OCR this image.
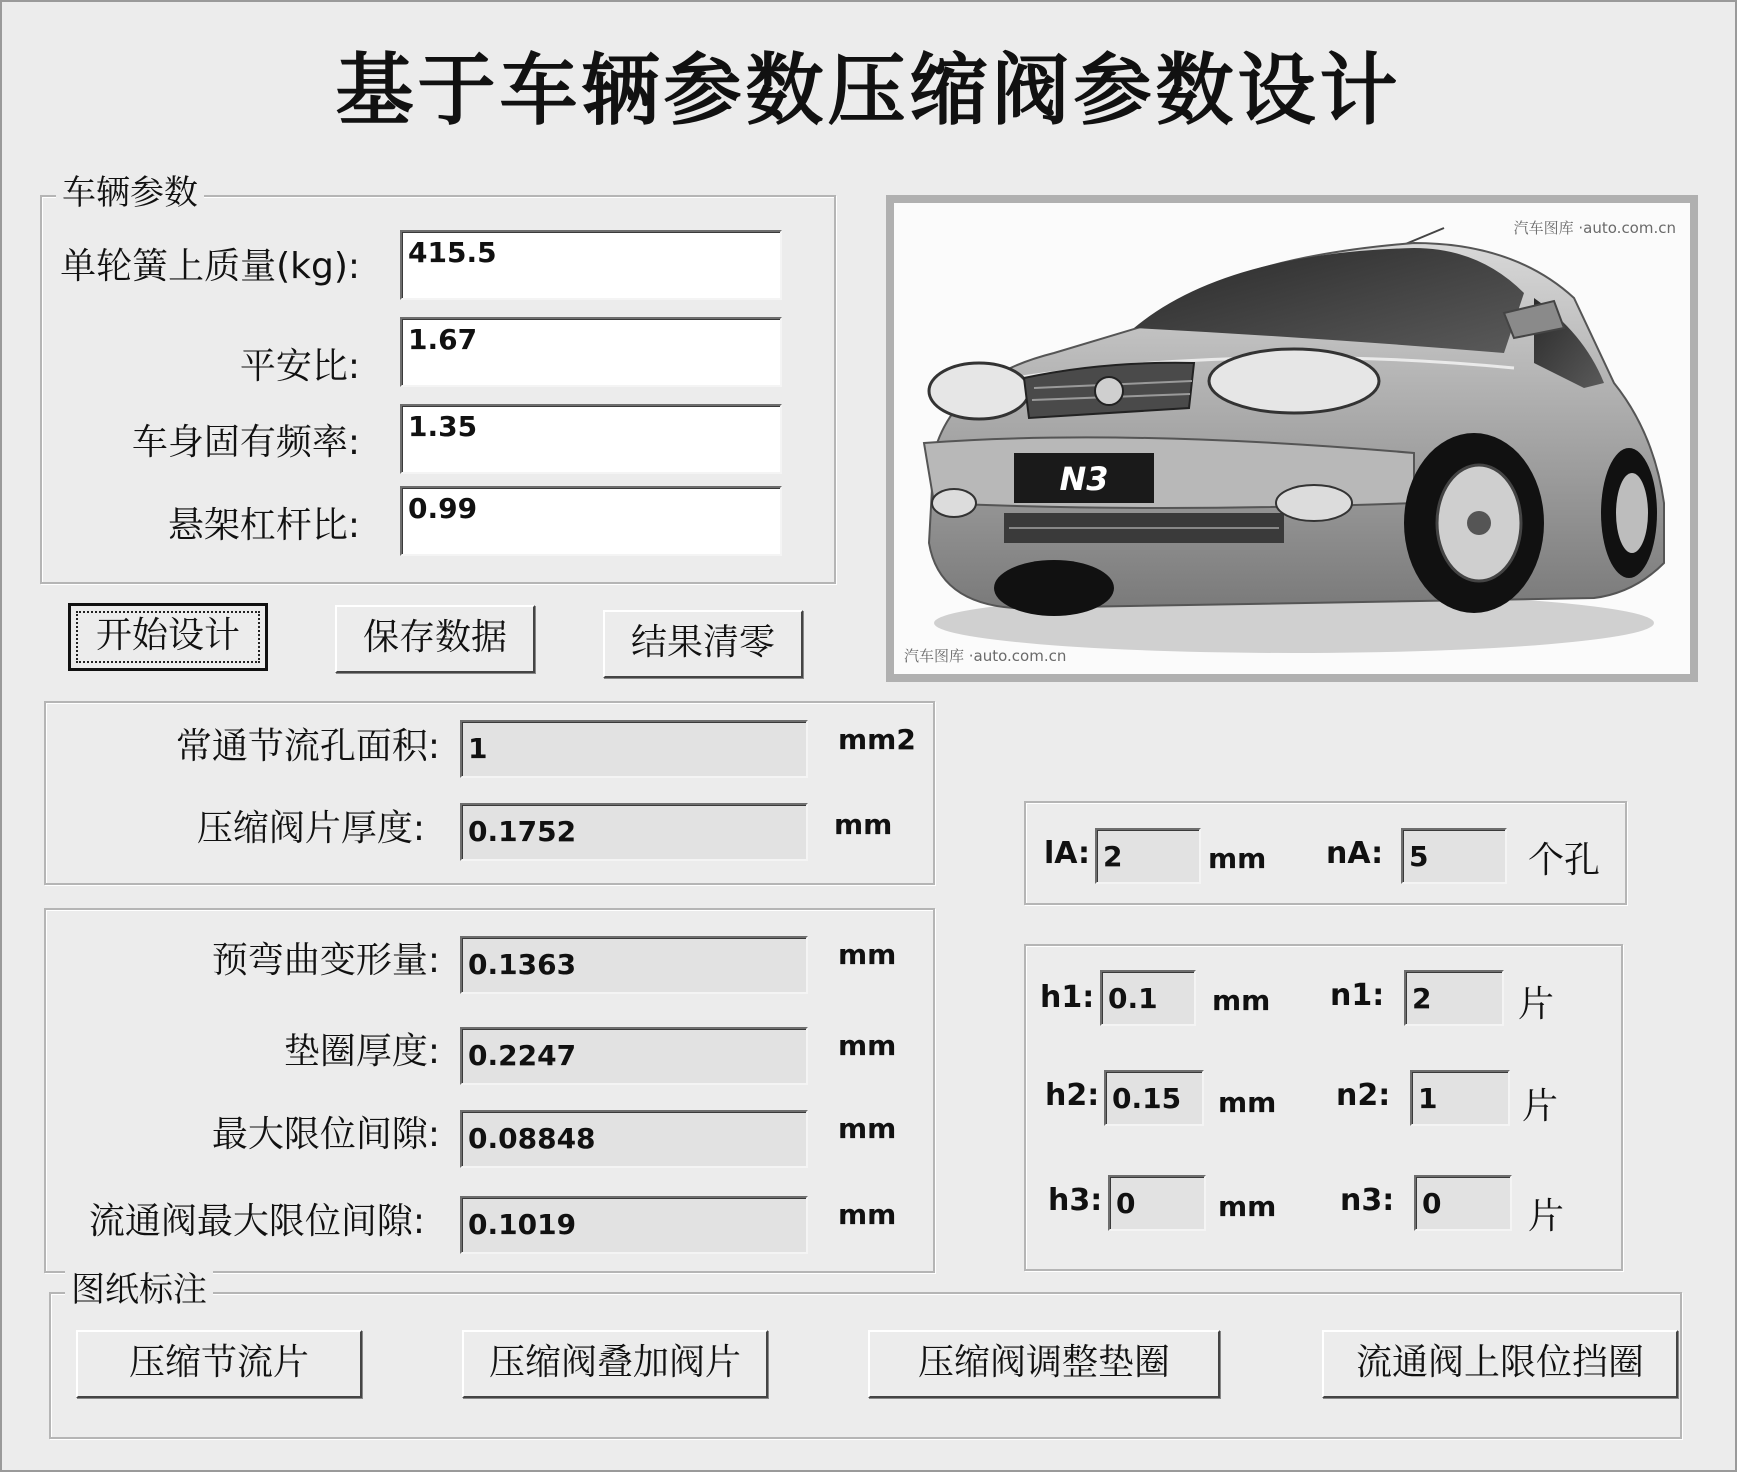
基于车辆参数压缩阀参数设计
车辆参数
单轮簧上质量(kg): 415.5
平安比:
1.67
车身固有频率: 1.35
悬架杠杆比: 0.99
开始设计	保存数据	结果清零
汽车图库 ·auto.com.cn
汽车图库 ·auto.com.cn
N3
常通节流孔面积: 1	mm2
压缩阀片厚度: 0.1752	mm
预弯曲变形量: 0.1363	mm
垫圈厚度: 0.2247	mm
最大限位间隙: 0.08848	mm
流通阀最大限位间隙: 0.1019	mm
lA: 2	mm nA: 5	个孔
h1: 0.1	mm n1: 2	片
h2: 0.15	mm n2: 1	片
h3: 0	mm n3: 0	片
图纸标注
压缩节流片	压缩阀叠加阀片	压缩阀调整垫圈	流通阀上限位挡圈
